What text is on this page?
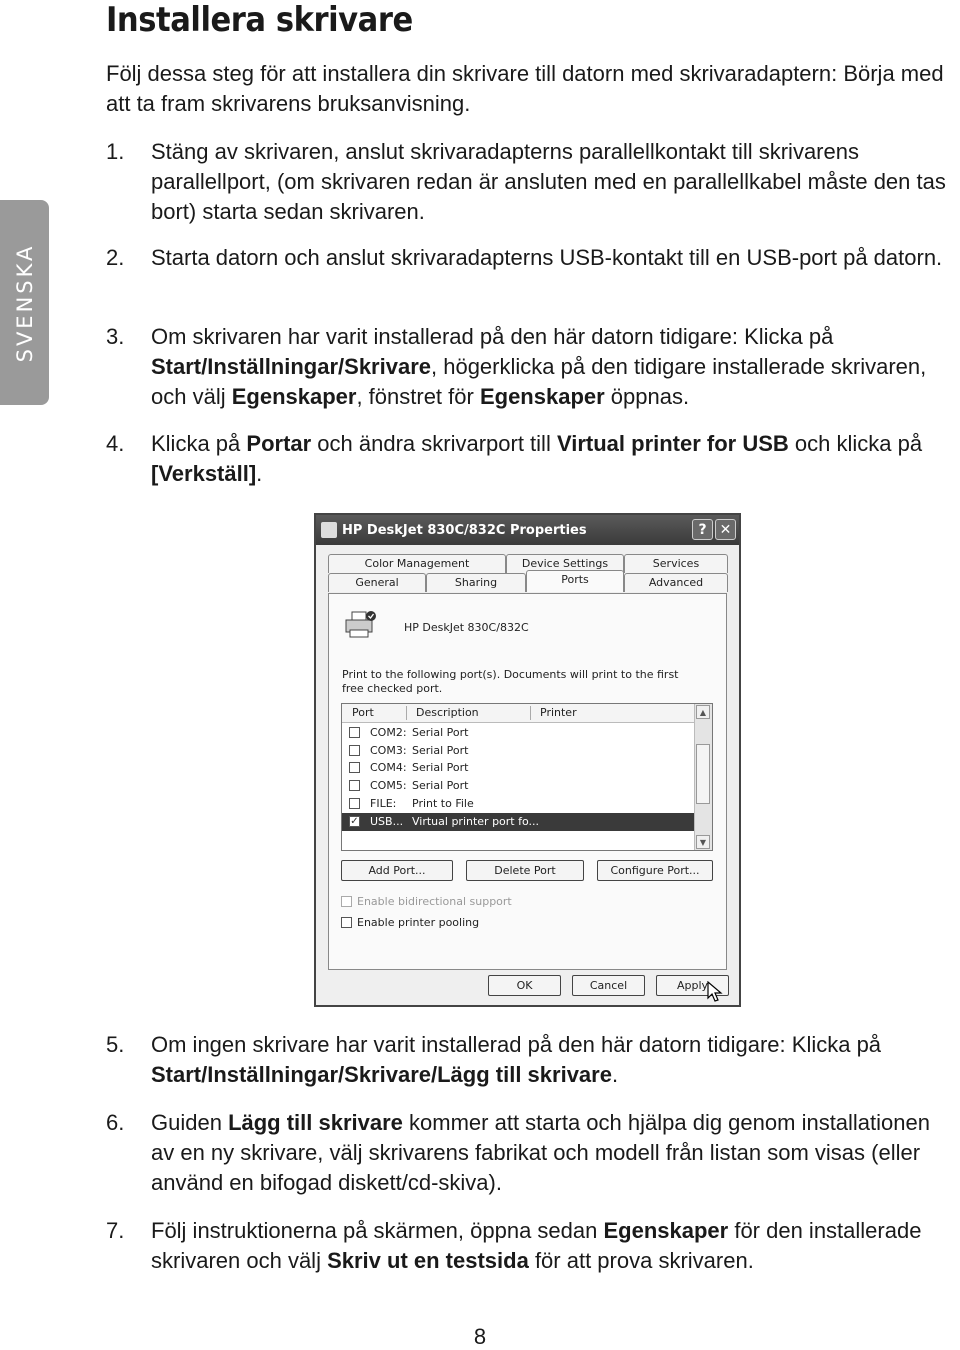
SVENSKA
Installera skrivare
Följ dessa steg för att installera din skrivare till datorn med skrivaradaptern: Börja med att ta fram skrivarens bruksanvisning.
1. Stäng av skrivaren, anslut skrivaradapterns parallellkontakt till skrivarens parallellport, (om skrivaren redan är ansluten med en parallellkabel måste den tas bort) starta sedan skrivaren.
2. Starta datorn och anslut skrivaradapterns USB-kontakt till en USB-port på datorn.
3. Om skrivaren har varit installerad på den här datorn tidigare: Klicka på Start/Inställningar/Skrivare, högerklicka på den tidigare installerade skrivaren, och välj Egenskaper, fönstret för Egenskaper öppnas.
4. Klicka på Portar och ändra skrivarport till Virtual printer for USB och klicka på [Verkställ].
HP DeskJet 830C/832C Properties	? ✕
Color Management	Device Settings	Services
General	Sharing	Ports	Advanced
HP DeskJet 830C/832C
Print to the following port(s). Documents will print to the first free checked port.
Port	Description	Printer
COM2: Serial Port
COM3: Serial Port
COM4: Serial Port
COM5: Serial Port
FILE: Print to File
✓ USB... Virtual printer port fo...
▲
▼
Add Port...	Delete Port	Configure Port...
Enable bidirectional support
Enable printer pooling
OK	Cancel	Apply
5. Om ingen skrivare har varit installerad på den här datorn tidigare: Klicka på Start/Inställningar/Skrivare/Lägg till skrivare.
6. Guiden Lägg till skrivare kommer att starta och hjälpa dig genom installationen av en ny skrivare, välj skrivarens fabrikat och modell från listan som visas (eller använd en bifogad diskett/cd-skiva).
7. Följ instruktionerna på skärmen, öppna sedan Egenskaper för den installerade skrivaren och välj Skriv ut en testsida för att prova skrivaren.
8
